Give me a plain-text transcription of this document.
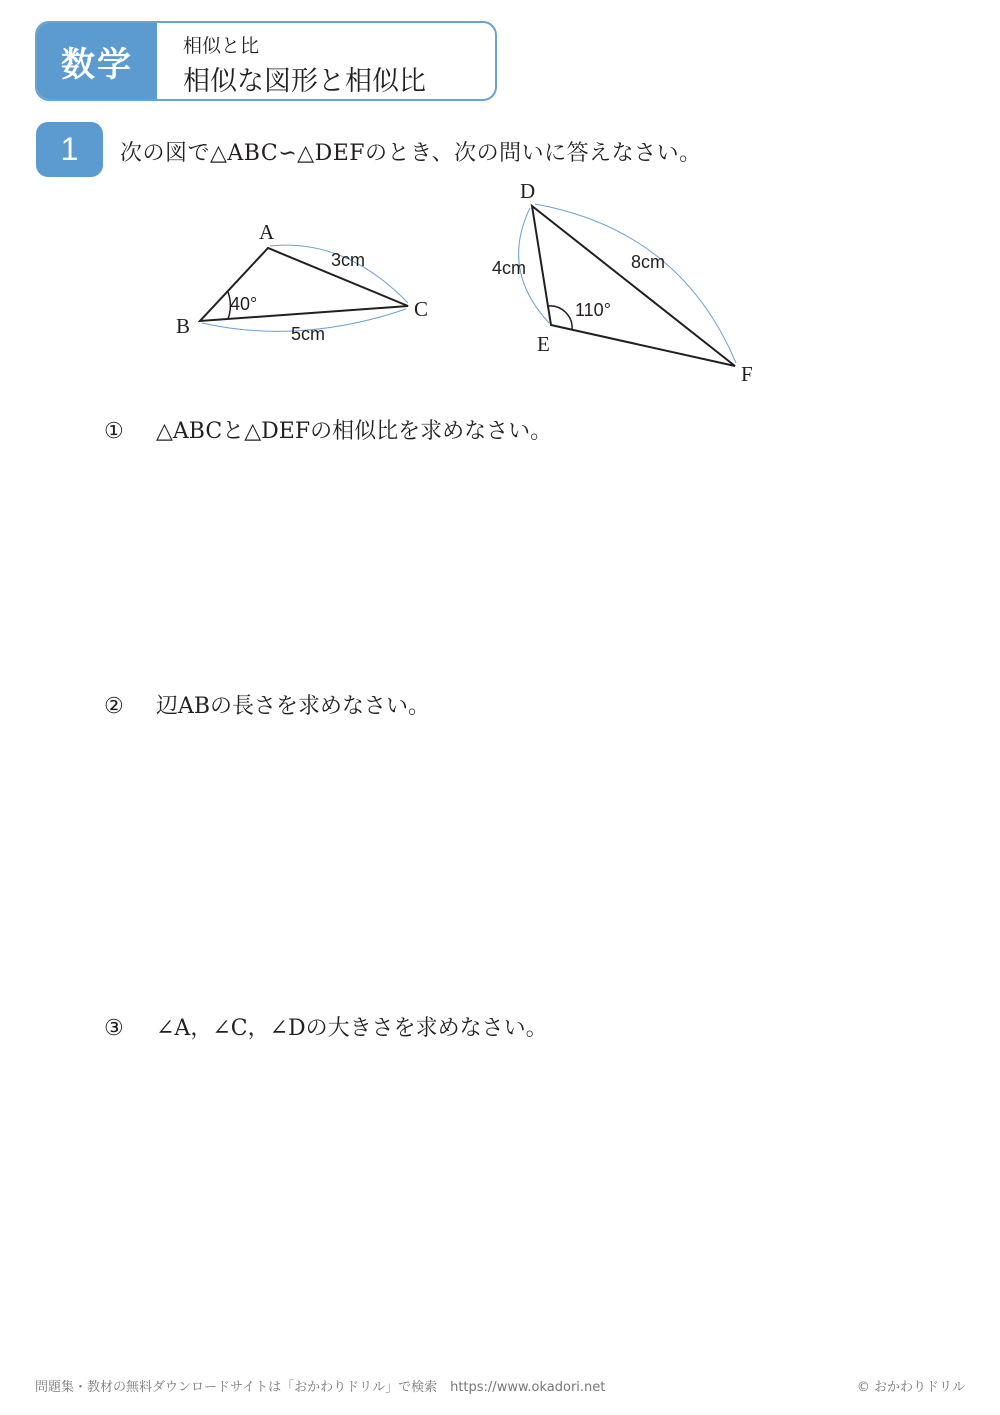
数学	相似と比
相似な図形と相似比
1	次の図で△ABC∽△DEFのとき、次の問いに答えなさい。
A
B
C
3cm
5cm
40°
D
E
F
4cm	8cm
110°
① △ABCと△DEFの相似比を求めなさい。
② 辺ABの長さを求めなさい。
③ ∠A，∠C，∠Dの大きさを求めなさい。
問題集・教材の無料ダウンロードサイトは「おかわりドリル」で検索　https://www.okadori.net	© おかわりドリル
